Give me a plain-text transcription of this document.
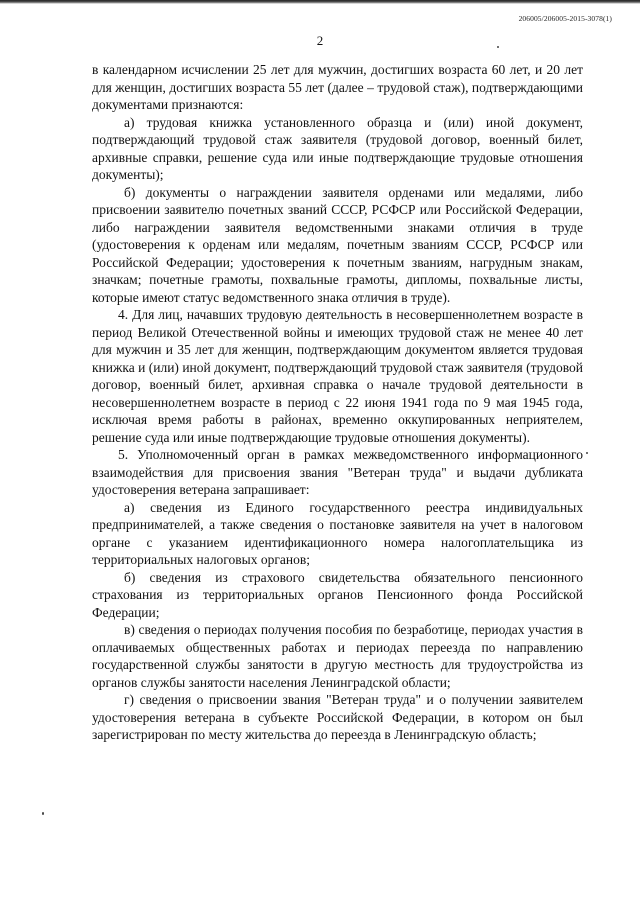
206005/206005-2015-3078(1)
2

в календарном исчислении 25 лет для мужчин, достигших возраста 60 лет, и 20 лет для женщин, достигших возраста 55 лет (далее – трудовой стаж), подтверждающими документами признаются:

а) трудовая книжка установленного образца и (или) иной документ, подтверждающий трудовой стаж заявителя (трудовой договор, военный билет, архивные справки, решение суда или иные подтверждающие трудовые отношения документы);

б) документы о награждении заявителя орденами или медалями, либо присвоении заявителю почетных званий СССР, РСФСР или Российской Федерации, либо награждении заявителя ведомственными знаками отличия в труде (удостоверения к орденам или медалям, почетным званиям СССР, РСФСР или Российской Федерации; удостоверения к почетным званиям, нагрудным знакам, значкам; почетные грамоты, похвальные грамоты, дипломы, похвальные листы, которые имеют статус ведомственного знака отличия в труде).

4. Для лиц, начавших трудовую деятельность в несовершеннолетнем возрасте в период Великой Отечественной войны и имеющих трудовой стаж не менее 40 лет для мужчин и 35 лет для женщин, подтверждающим документом является трудовая книжка и (или) иной документ, подтверждающий трудовой стаж заявителя (трудовой договор, военный билет, архивная справка о начале трудовой деятельности в несовершеннолетнем возрасте в период с 22 июня 1941 года по 9 мая 1945 года, исключая время работы в районах, временно оккупированных неприятелем, решение суда или иные подтверждающие трудовые отношения документы).

5. Уполномоченный орган в рамках межведомственного информационного взаимодействия для присвоения звания "Ветеран труда" и выдачи дубликата удостоверения ветерана запрашивает:

а) сведения из Единого государственного реестра индивидуальных предпринимателей, а также сведения о постановке заявителя на учет в налоговом органе с указанием идентификационного номера налогоплательщика из территориальных налоговых органов;

б) сведения из страхового свидетельства обязательного пенсионного страхования из территориальных органов Пенсионного фонда Российской Федерации;

в) сведения о периодах получения пособия по безработице, периодах участия в оплачиваемых общественных работах и периодах переезда по направлению государственной службы занятости в другую местность для трудоустройства из органов службы занятости населения Ленинградской области;

г) сведения о присвоении звания "Ветеран труда" и о получении заявителем удостоверения ветерана в субъекте Российской Федерации, в котором он был зарегистрирован по месту жительства до переезда в Ленинградскую область;
